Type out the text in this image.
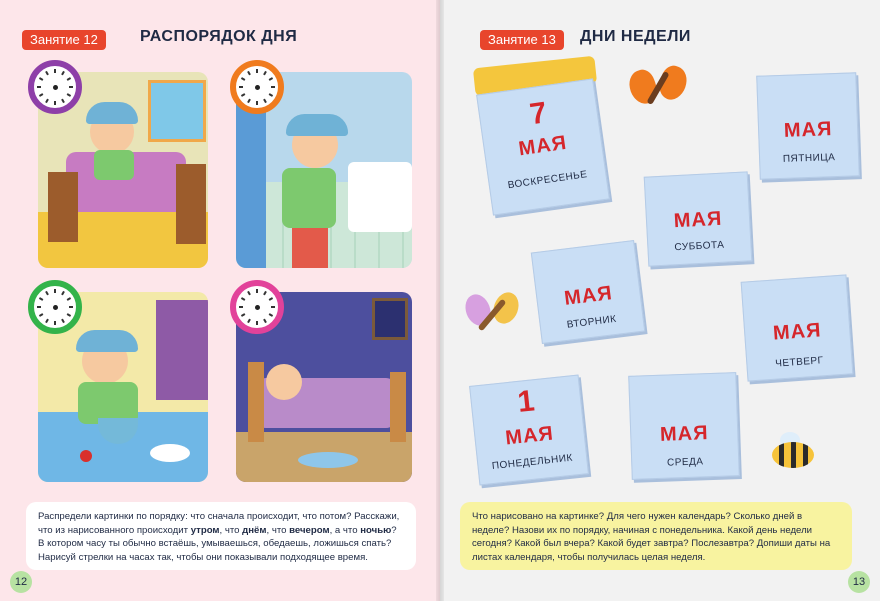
Занятие 12	РАСПОРЯДОК ДНЯ
Распредели картинки по порядку: что сначала происходит, что потом? Расскажи, что из нарисованного происходит утром, что днём, что вечером, а что ночью? В котором часу ты обычно встаёшь, умываешься, обедаешь, ложишься спать? Нарисуй стрелки на часах так, чтобы они показывали подходящее время.
12
Занятие 13	ДНИ НЕДЕЛИ
7
МАЯ
ВОСКРЕСЕНЬЕ
МАЯ
ПЯТНИЦА
МАЯ
СУББОТА
МАЯ
ВТОРНИК	МАЯ
ЧЕТВЕРГ
1
МАЯ
ПОНЕДЕЛЬНИК
МАЯ
СРЕДА
Что нарисовано на картинке? Для чего нужен календарь? Сколько дней в неделе? Назови их по порядку, начиная с понедельника. Какой день недели сегодня? Какой был вчера? Какой будет завтра? Послезавтра? Допиши даты на листах календаря, чтобы получилась целая неделя.
13
